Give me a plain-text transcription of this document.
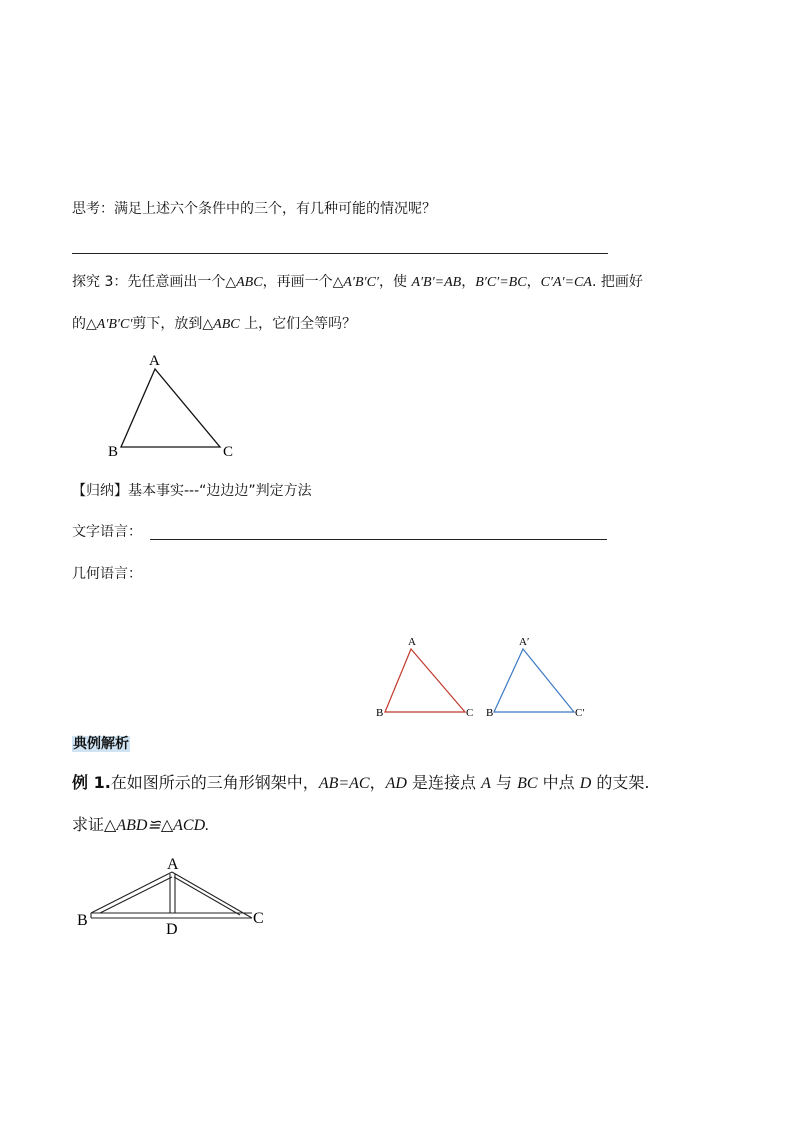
思考：满足上述六个条件中的三个，有几种可能的情况呢？
探究 3：先任意画出一个△ABC，再画一个△A′B′C′，使 A′B′=AB，B′C′=BC，C′A′=CA. 把画好
的△A′B′C′剪下，放到△ABC 上，它们全等吗？
A
B	C
【归纳】基本事实---“边边边”判定方法
文字语言：
几何语言：
A
B	C
A′
B	C′
典例解析
例 1.在如图所示的三角形钢架中，AB=AC，AD 是连接点 A 与 BC 中点 D 的支架.
求证△ABD≌△ACD.
A
B	C
D
